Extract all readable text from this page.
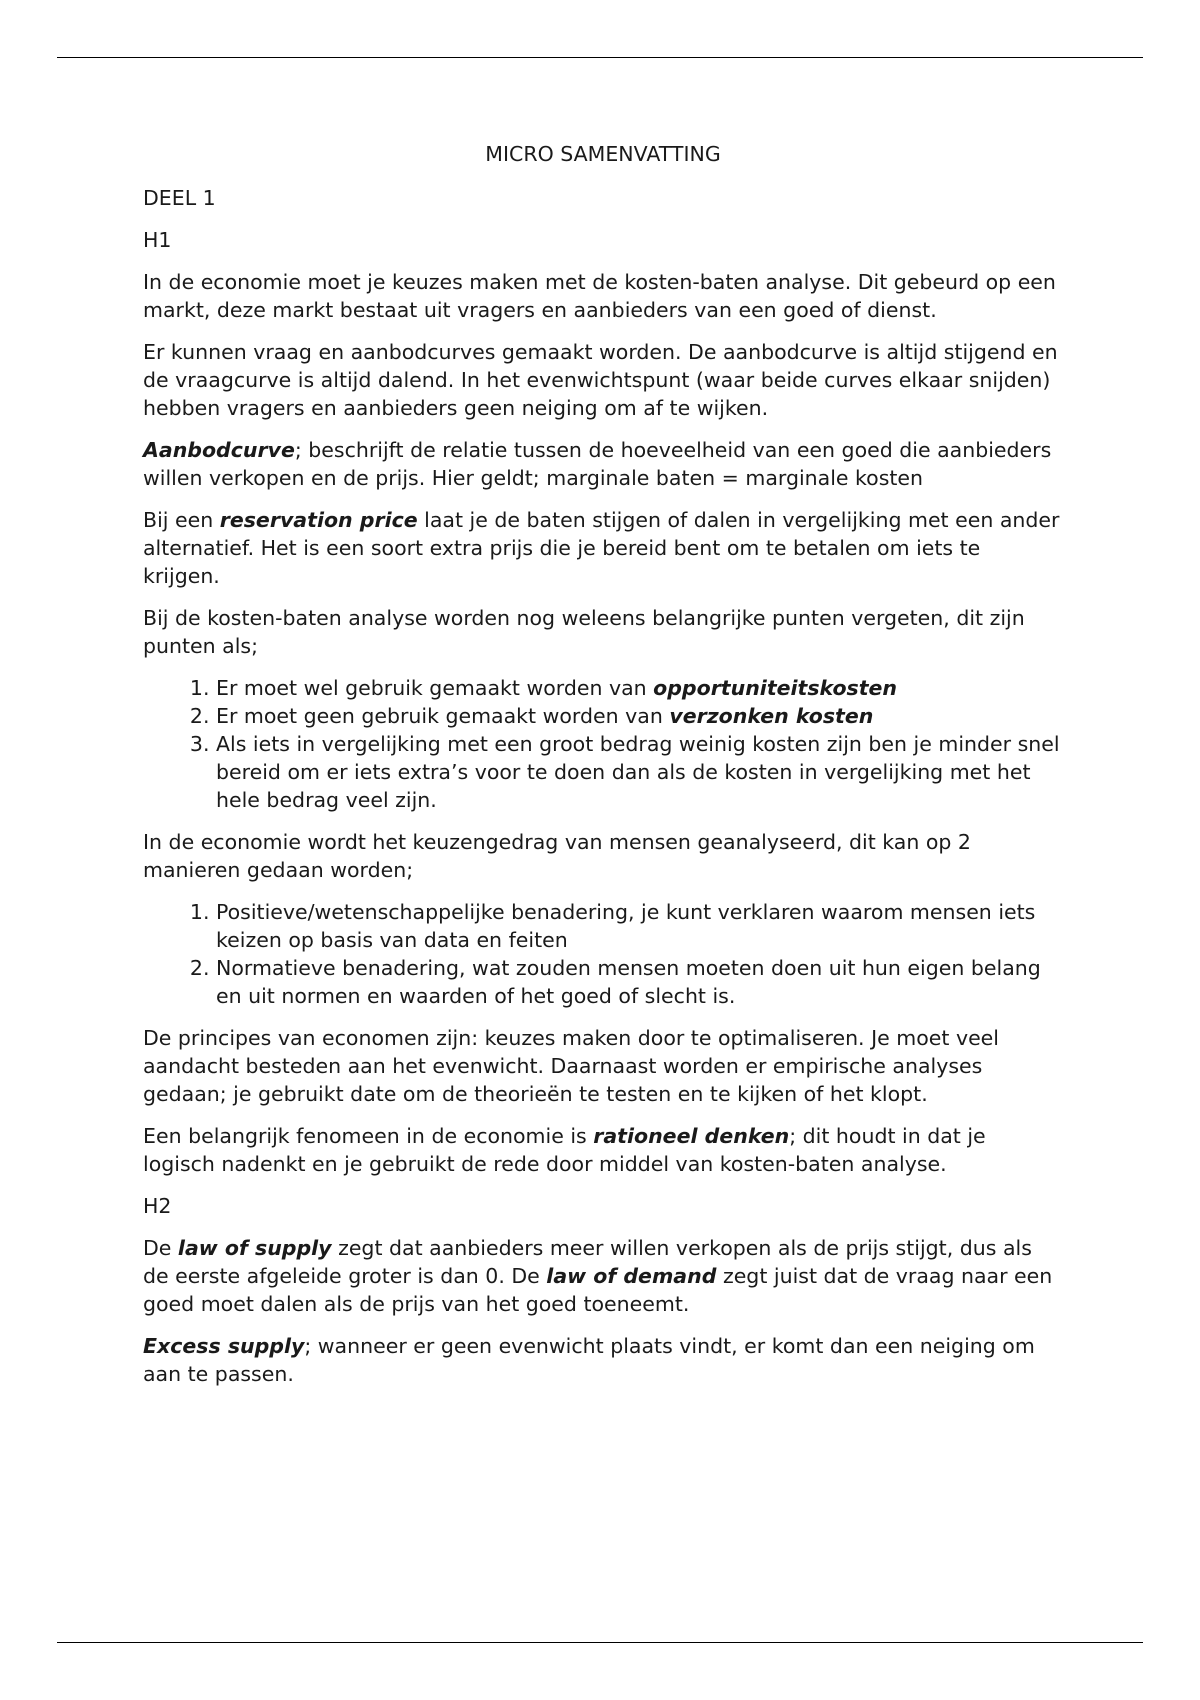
MICRO SAMENVATTING

DEEL 1

H1

In de economie moet je keuzes maken met de kosten-baten analyse. Dit gebeurd op een markt, deze markt bestaat uit vragers en aanbieders van een goed of dienst.

Er kunnen vraag en aanbodcurves gemaakt worden. De aanbodcurve is altijd stijgend en de vraagcurve is altijd dalend. In het evenwichtspunt (waar beide curves elkaar snijden) hebben vragers en aanbieders geen neiging om af te wijken.

Aanbodcurve; beschrijft de relatie tussen de hoeveelheid van een goed die aanbieders willen verkopen en de prijs. Hier geldt; marginale baten = marginale kosten

Bij een reservation price laat je de baten stijgen of dalen in vergelijking met een ander alternatief. Het is een soort extra prijs die je bereid bent om te betalen om iets te krijgen.

Bij de kosten-baten analyse worden nog weleens belangrijke punten vergeten, dit zijn punten als;

1. Er moet wel gebruik gemaakt worden van opportuniteitskosten
2. Er moet geen gebruik gemaakt worden van verzonken kosten
3. Als iets in vergelijking met een groot bedrag weinig kosten zijn ben je minder snel bereid om er iets extra’s voor te doen dan als de kosten in vergelijking met het hele bedrag veel zijn.

In de economie wordt het keuzengedrag van mensen geanalyseerd, dit kan op 2 manieren gedaan worden;

1. Positieve/wetenschappelijke benadering, je kunt verklaren waarom mensen iets keizen op basis van data en feiten
2. Normatieve benadering, wat zouden mensen moeten doen uit hun eigen belang en uit normen en waarden of het goed of slecht is.

De principes van economen zijn: keuzes maken door te optimaliseren. Je moet veel aandacht besteden aan het evenwicht. Daarnaast worden er empirische analyses gedaan; je gebruikt date om de theorieën te testen en te kijken of het klopt.

Een belangrijk fenomeen in de economie is rationeel denken; dit houdt in dat je logisch nadenkt en je gebruikt de rede door middel van kosten-baten analyse.

H2

De law of supply zegt dat aanbieders meer willen verkopen als de prijs stijgt, dus als de eerste afgeleide groter is dan 0. De law of demand zegt juist dat de vraag naar een goed moet dalen als de prijs van het goed toeneemt.

Excess supply; wanneer er geen evenwicht plaats vindt, er komt dan een neiging om aan te passen.
